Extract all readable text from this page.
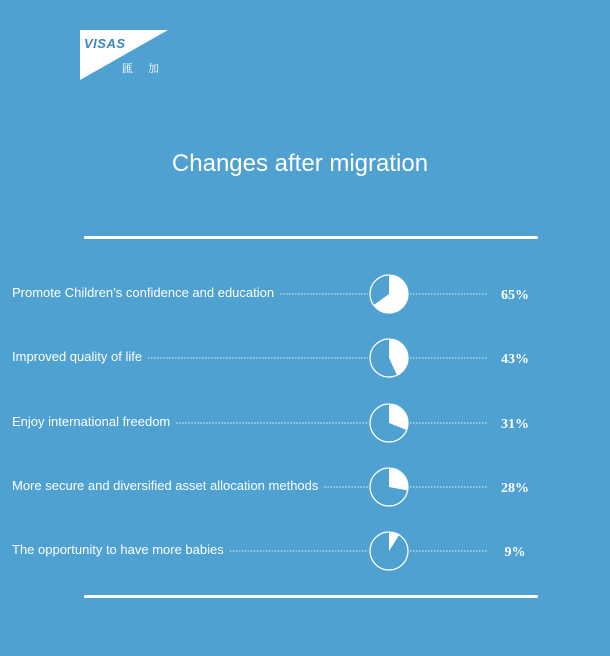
VISAS
匯 加
Changes after migration
Promote Children’s confidence and education	65%
Improved quality of life	43%
Enjoy international freedom	31%
More secure and diversified asset allocation methods	28%
The opportunity to have more babies	9%
